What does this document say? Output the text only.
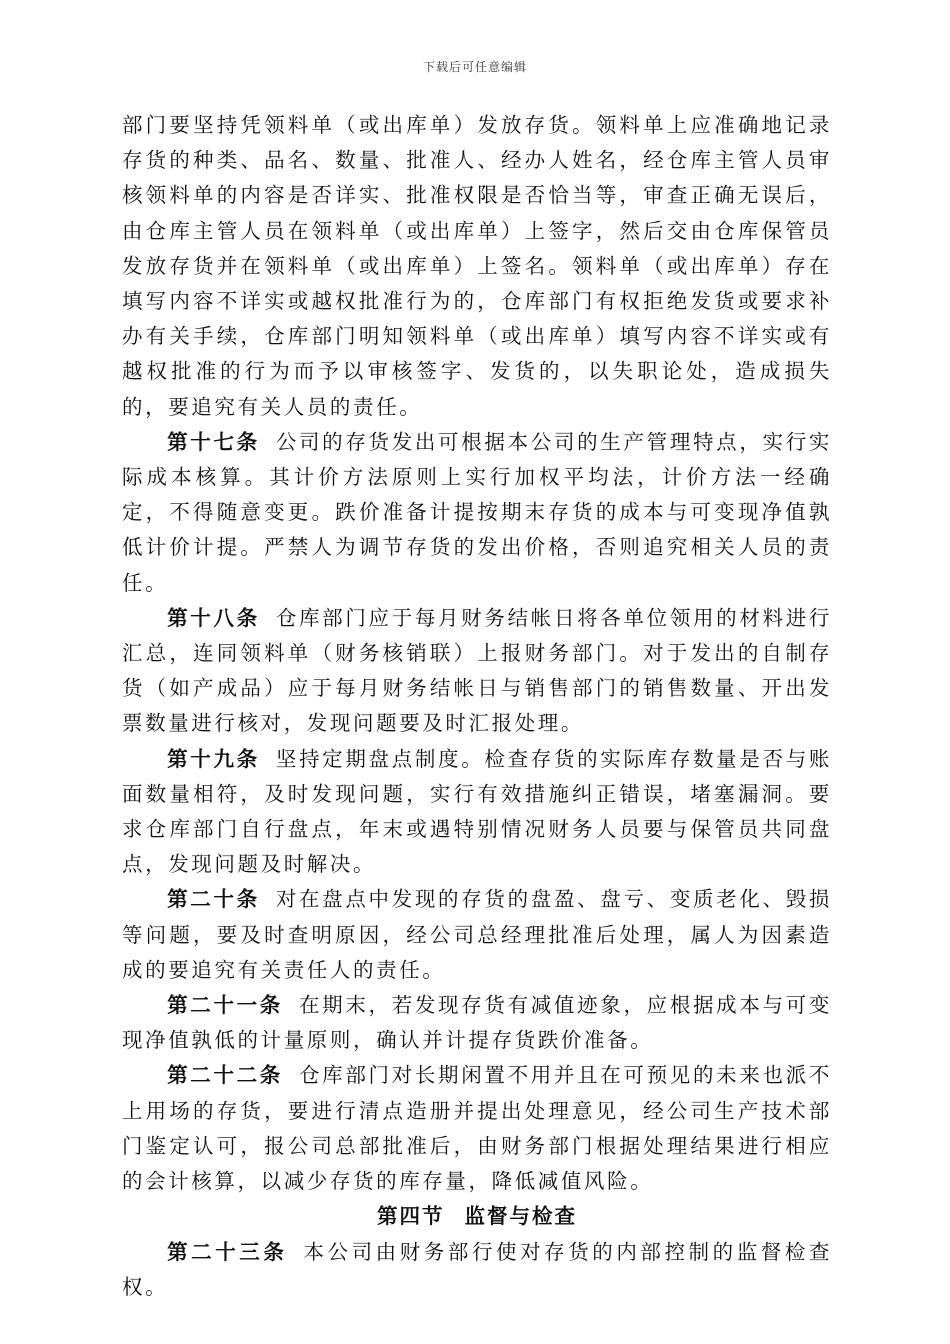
下载后可任意编辑

部门要坚持凭领料单（或出库单）发放存货。领料单上应准确地记录存货的种类、品名、数量、批准人、经办人姓名，经仓库主管人员审核领料单的内容是否详实、批准权限是否恰当等，审查正确无误后，由仓库主管人员在领料单（或出库单）上签字，然后交由仓库保管员发放存货并在领料单（或出库单）上签名。领料单（或出库单）存在填写内容不详实或越权批准行为的，仓库部门有权拒绝发货或要求补办有关手续，仓库部门明知领料单（或出库单）填写内容不详实或有越权批准的行为而予以审核签字、发货的，以失职论处，造成损失的，要追究有关人员的责任。

第十七条 公司的存货发出可根据本公司的生产管理特点，实行实际成本核算。其计价方法原则上实行加权平均法，计价方法一经确定，不得随意变更。跌价准备计提按期末存货的成本与可变现净值孰低计价计提。严禁人为调节存货的发出价格，否则追究相关人员的责任。

第十八条 仓库部门应于每月财务结帐日将各单位领用的材料进行汇总，连同领料单（财务核销联）上报财务部门。对于发出的自制存货（如产成品）应于每月财务结帐日与销售部门的销售数量、开出发票数量进行核对，发现问题要及时汇报处理。

第十九条 坚持定期盘点制度。检查存货的实际库存数量是否与账面数量相符，及时发现问题，实行有效措施纠正错误，堵塞漏洞。要求仓库部门自行盘点，年末或遇特别情况财务人员要与保管员共同盘点，发现问题及时解决。

第二十条 对在盘点中发现的存货的盘盈、盘亏、变质老化、毁损等问题，要及时查明原因，经公司总经理批准后处理，属人为因素造成的要追究有关责任人的责任。

第二十一条 在期末，若发现存货有减值迹象，应根据成本与可变现净值孰低的计量原则，确认并计提存货跌价准备。

第二十二条 仓库部门对长期闲置不用并且在可预见的未来也派不上用场的存货，要进行清点造册并提出处理意见，经公司生产技术部门鉴定认可，报公司总部批准后，由财务部门根据处理结果进行相应的会计核算，以减少存货的库存量，降低减值风险。

第四节 监督与检查

第二十三条 本公司由财务部行使对存货的内部控制的监督检查权。
